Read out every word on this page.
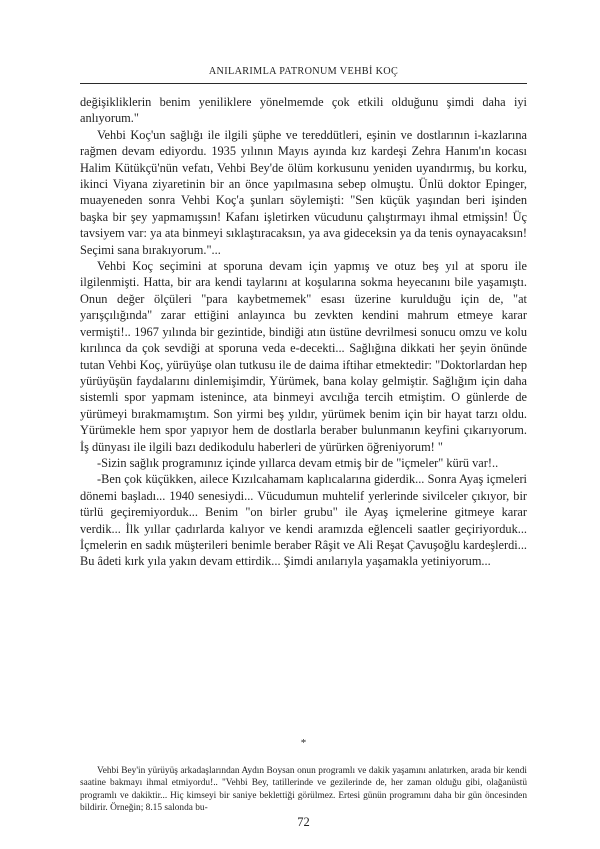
ANILARIMLA PATRONUM VEHBİ KOÇ

değişikliklerin benim yeniliklere yönelmemde çok etkili olduğunu şimdi daha iyi anlıyorum."

Vehbi Koç'un sağlığı ile ilgili şüphe ve tereddütleri, eşinin ve dostlarının i-kazlarına rağmen devam ediyordu. 1935 yılının Mayıs ayında kız kardeşi Zehra Hanım'ın kocası Halim Kütükçü'nün vefatı, Vehbi Bey'de ölüm korkusunu yeniden uyandırmış, bu korku, ikinci Viyana ziyaretinin bir an önce yapılmasına sebep olmuştu. Ünlü doktor Epinger, muayeneden sonra Vehbi Koç'a şunları söylemişti: "Sen küçük yaşından beri işinden başka bir şey yapmamışsın! Kafanı işletirken vücudunu çalıştırmayı ihmal etmişsin! Üç tavsiyem var: ya ata binmeyi sıklaştıracaksın, ya ava gideceksin ya da tenis oynayacaksın! Seçimi sana bırakıyorum."...

Vehbi Koç seçimini at sporuna devam için yapmış ve otuz beş yıl at sporu ile ilgilenmişti. Hatta, bir ara kendi taylarını at koşularına sokma heyecanını bile yaşamıştı. Onun değer ölçüleri "para kaybetmemek" esası üzerine kurulduğu için de, "at yarışçılığında" zarar ettiğini anlayınca bu zevkten kendini mahrum etmeye karar vermişti!.. 1967 yılında bir gezintide, bindiği atın üstüne devrilmesi sonucu omzu ve kolu kırılınca da çok sevdiği at sporuna veda e-decekti... Sağlığına dikkati her şeyin önünde tutan Vehbi Koç, yürüyüşe olan tutkusu ile de daima iftihar etmektedir: "Doktorlardan hep yürüyüşün faydalarını dinlemişimdir, Yürümek, bana kolay gelmiştir. Sağlığım için daha sistemli spor yapmam istenince, ata binmeyi avcılığa tercih etmiştim. O günlerde de yürümeyi bırakmamıştım. Son yirmi beş yıldır, yürümek benim için bir hayat tarzı oldu. Yürümekle hem spor yapıyor hem de dostlarla beraber bulunmanın keyfini çıkarıyorum. İş dünyası ile ilgili bazı dedikodulu haberleri de yürürken öğreniyorum! "

-Sizin sağlık programınız içinde yıllarca devam etmiş bir de "içmeler" kürü var!..

-Ben çok küçükken, ailece Kızılcahamam kaplıcalarına giderdik... Sonra Ayaş içmeleri dönemi başladı... 1940 senesiydi... Vücudumun muhtelif yerlerinde sivilceler çıkıyor, bir türlü geçiremiyorduk... Benim "on birler grubu" ile Ayaş içmelerine gitmeye karar verdik... İlk yıllar çadırlarda kalıyor ve kendi aramızda eğlenceli saatler geçiriyorduk... İçmelerin en sadık müşterileri benimle beraber Râşit ve Ali Reşat Çavuşoğlu kardeşlerdi... Bu âdeti kırk yıla yakın devam ettirdik... Şimdi anılarıyla yaşamakla yetiniyorum...

*

Vehbi Bey'in yürüyüş arkadaşlarından Aydın Boysan onun programlı ve dakik yaşamını anlatırken, arada bir kendi saatine bakmayı ihmal etmiyordu!.. "Vehbi Bey, tatillerinde ve gezilerinde de, her zaman olduğu gibi, olağanüstü programlı ve dakiktir... Hiç kimseyi bir saniye beklettiği görülmez. Ertesi günün programını daha bir gün öncesinden bildirir. Örneğin; 8.15 salonda bu-

72
